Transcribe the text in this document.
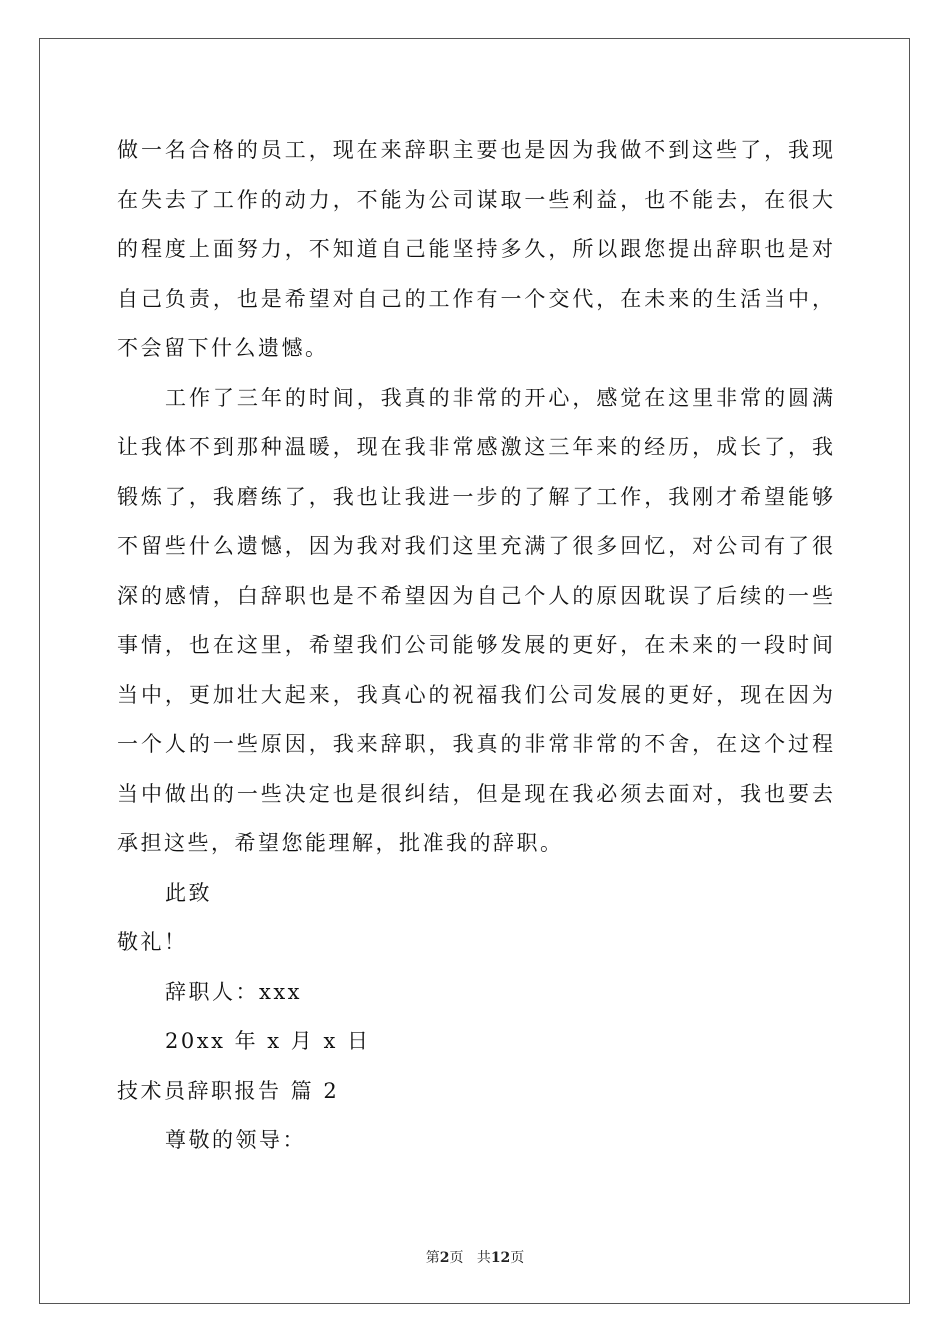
做一名合格的员工，现在来辞职主要也是因为我做不到这些了，我现
在失去了工作的动力，不能为公司谋取一些利益，也不能去，在很大
的程度上面努力，不知道自己能坚持多久，所以跟您提出辞职也是对
自己负责，也是希望对自己的工作有一个交代，在未来的生活当中，
不会留下什么遗憾。
工作了三年的时间，我真的非常的开心，感觉在这里非常的圆满
让我体不到那种温暖，现在我非常感激这三年来的经历，成长了，我
锻炼了，我磨练了，我也让我进一步的了解了工作，我刚才希望能够
不留些什么遗憾，因为我对我们这里充满了很多回忆，对公司有了很
深的感情，白辞职也是不希望因为自己个人的原因耽误了后续的一些
事情，也在这里，希望我们公司能够发展的更好，在未来的一段时间
当中，更加壮大起来，我真心的祝福我们公司发展的更好，现在因为
一个人的一些原因，我来辞职，我真的非常非常的不舍，在这个过程
当中做出的一些决定也是很纠结，但是现在我必须去面对，我也要去
承担这些，希望您能理解，批准我的辞职。
此致
敬礼！
辞职人：xxx
20xx 年 x 月 x 日
技术员辞职报告 篇 2
尊敬的领导：
第2页 共12页
